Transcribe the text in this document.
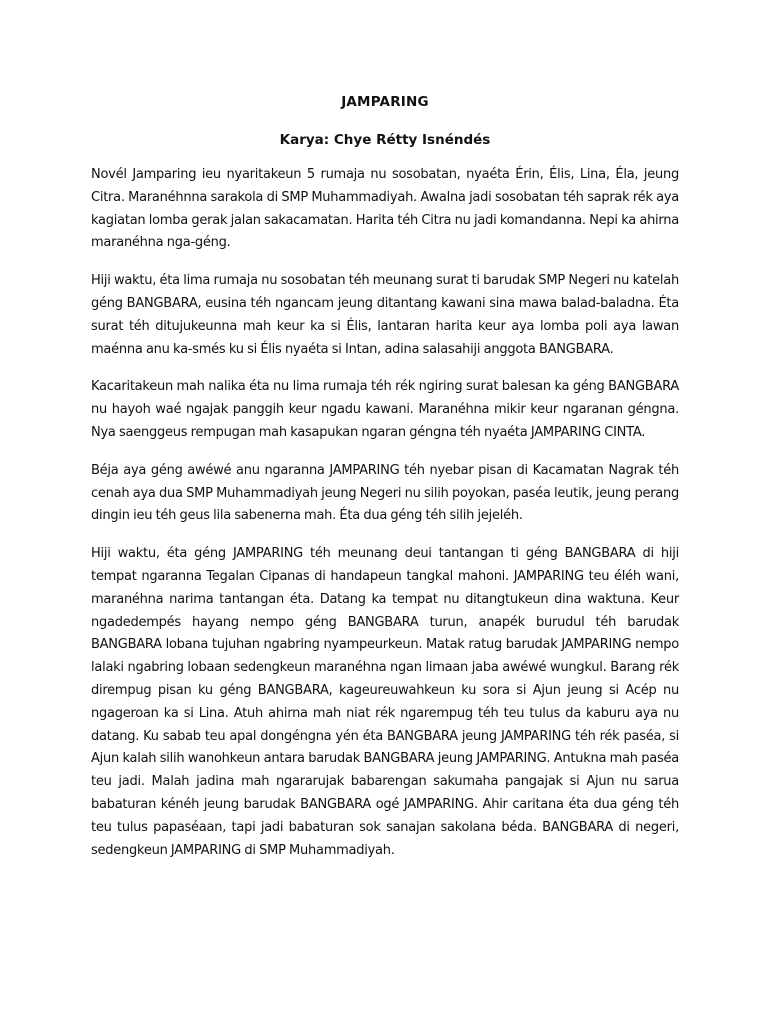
JAMPARING
Karya: Chye Rétty Isnéndés

Novél Jamparing ieu nyaritakeun 5 rumaja nu sosobatan, nyaéta Érin, Élis, Lina, Éla, jeung Citra. Maranéhnna sarakola di SMP Muhammadiyah. Awalna jadi sosobatan téh saprak rék aya kagiatan lomba gerak jalan sakacamatan. Harita téh Citra nu jadi komandanna. Nepi ka ahirna maranéhna nga-géng.

Hiji waktu, éta lima rumaja nu sosobatan téh meunang surat ti barudak SMP Negeri nu katelah géng BANGBARA, eusina téh ngancam jeung ditantang kawani sina mawa balad-baladna. Éta surat téh ditujukeunna mah keur ka si Élis, lantaran harita keur aya lomba poli aya lawan maénna anu ka-smés ku si Élis nyaéta si Intan, adina salasahiji anggota BANGBARA.

Kacaritakeun mah nalika éta nu lima rumaja téh rék ngiring surat balesan ka géng BANGBARA nu hayoh waé ngajak panggih keur ngadu kawani. Maranéhna mikir keur ngaranan géngna. Nya saenggeus rempugan mah kasapukan ngaran géngna téh nyaéta JAMPARING CINTA.

Béja aya géng awéwé anu ngaranna JAMPARING téh nyebar pisan di Kacamatan Nagrak téh cenah aya dua SMP Muhammadiyah jeung Negeri nu silih poyokan, paséa leutik, jeung perang dingin ieu téh geus lila sabenerna mah. Éta dua géng téh silih jejeléh.

Hiji waktu, éta géng JAMPARING téh meunang deui tantangan ti géng BANGBARA di hiji tempat ngaranna Tegalan Cipanas di handapeun tangkal mahoni. JAMPARING teu éléh wani, maranéhna narima tantangan éta. Datang ka tempat nu ditangtukeun dina waktuna. Keur ngadedempés hayang nempo géng BANGBARA turun, anapék burudul téh barudak BANGBARA lobana tujuhan ngabring nyampeurkeun. Matak ratug barudak JAMPARING nempo lalaki ngabring lobaan sedengkeun maranéhna ngan limaan jaba awéwé wungkul. Barang rék dirempug pisan ku géng BANGBARA, kageureuwahkeun ku sora si Ajun jeung si Acép nu ngageroan ka si Lina. Atuh ahirna mah niat rék ngarempug téh teu tulus da kaburu aya nu datang. Ku sabab teu apal dongéngna yén éta BANGBARA jeung JAMPARING téh rék paséa, si Ajun kalah silih wanohkeun antara barudak BANGBARA jeung JAMPARING. Antukna mah paséa teu jadi. Malah jadina mah ngararujak babarengan sakumaha pangajak si Ajun nu sarua babaturan kénéh jeung barudak BANGBARA ogé JAMPARING. Ahir caritana éta dua géng téh teu tulus papaséaan, tapi jadi babaturan sok sanajan sakolana béda. BANGBARA di negeri, sedengkeun JAMPARING di SMP Muhammadiyah.
